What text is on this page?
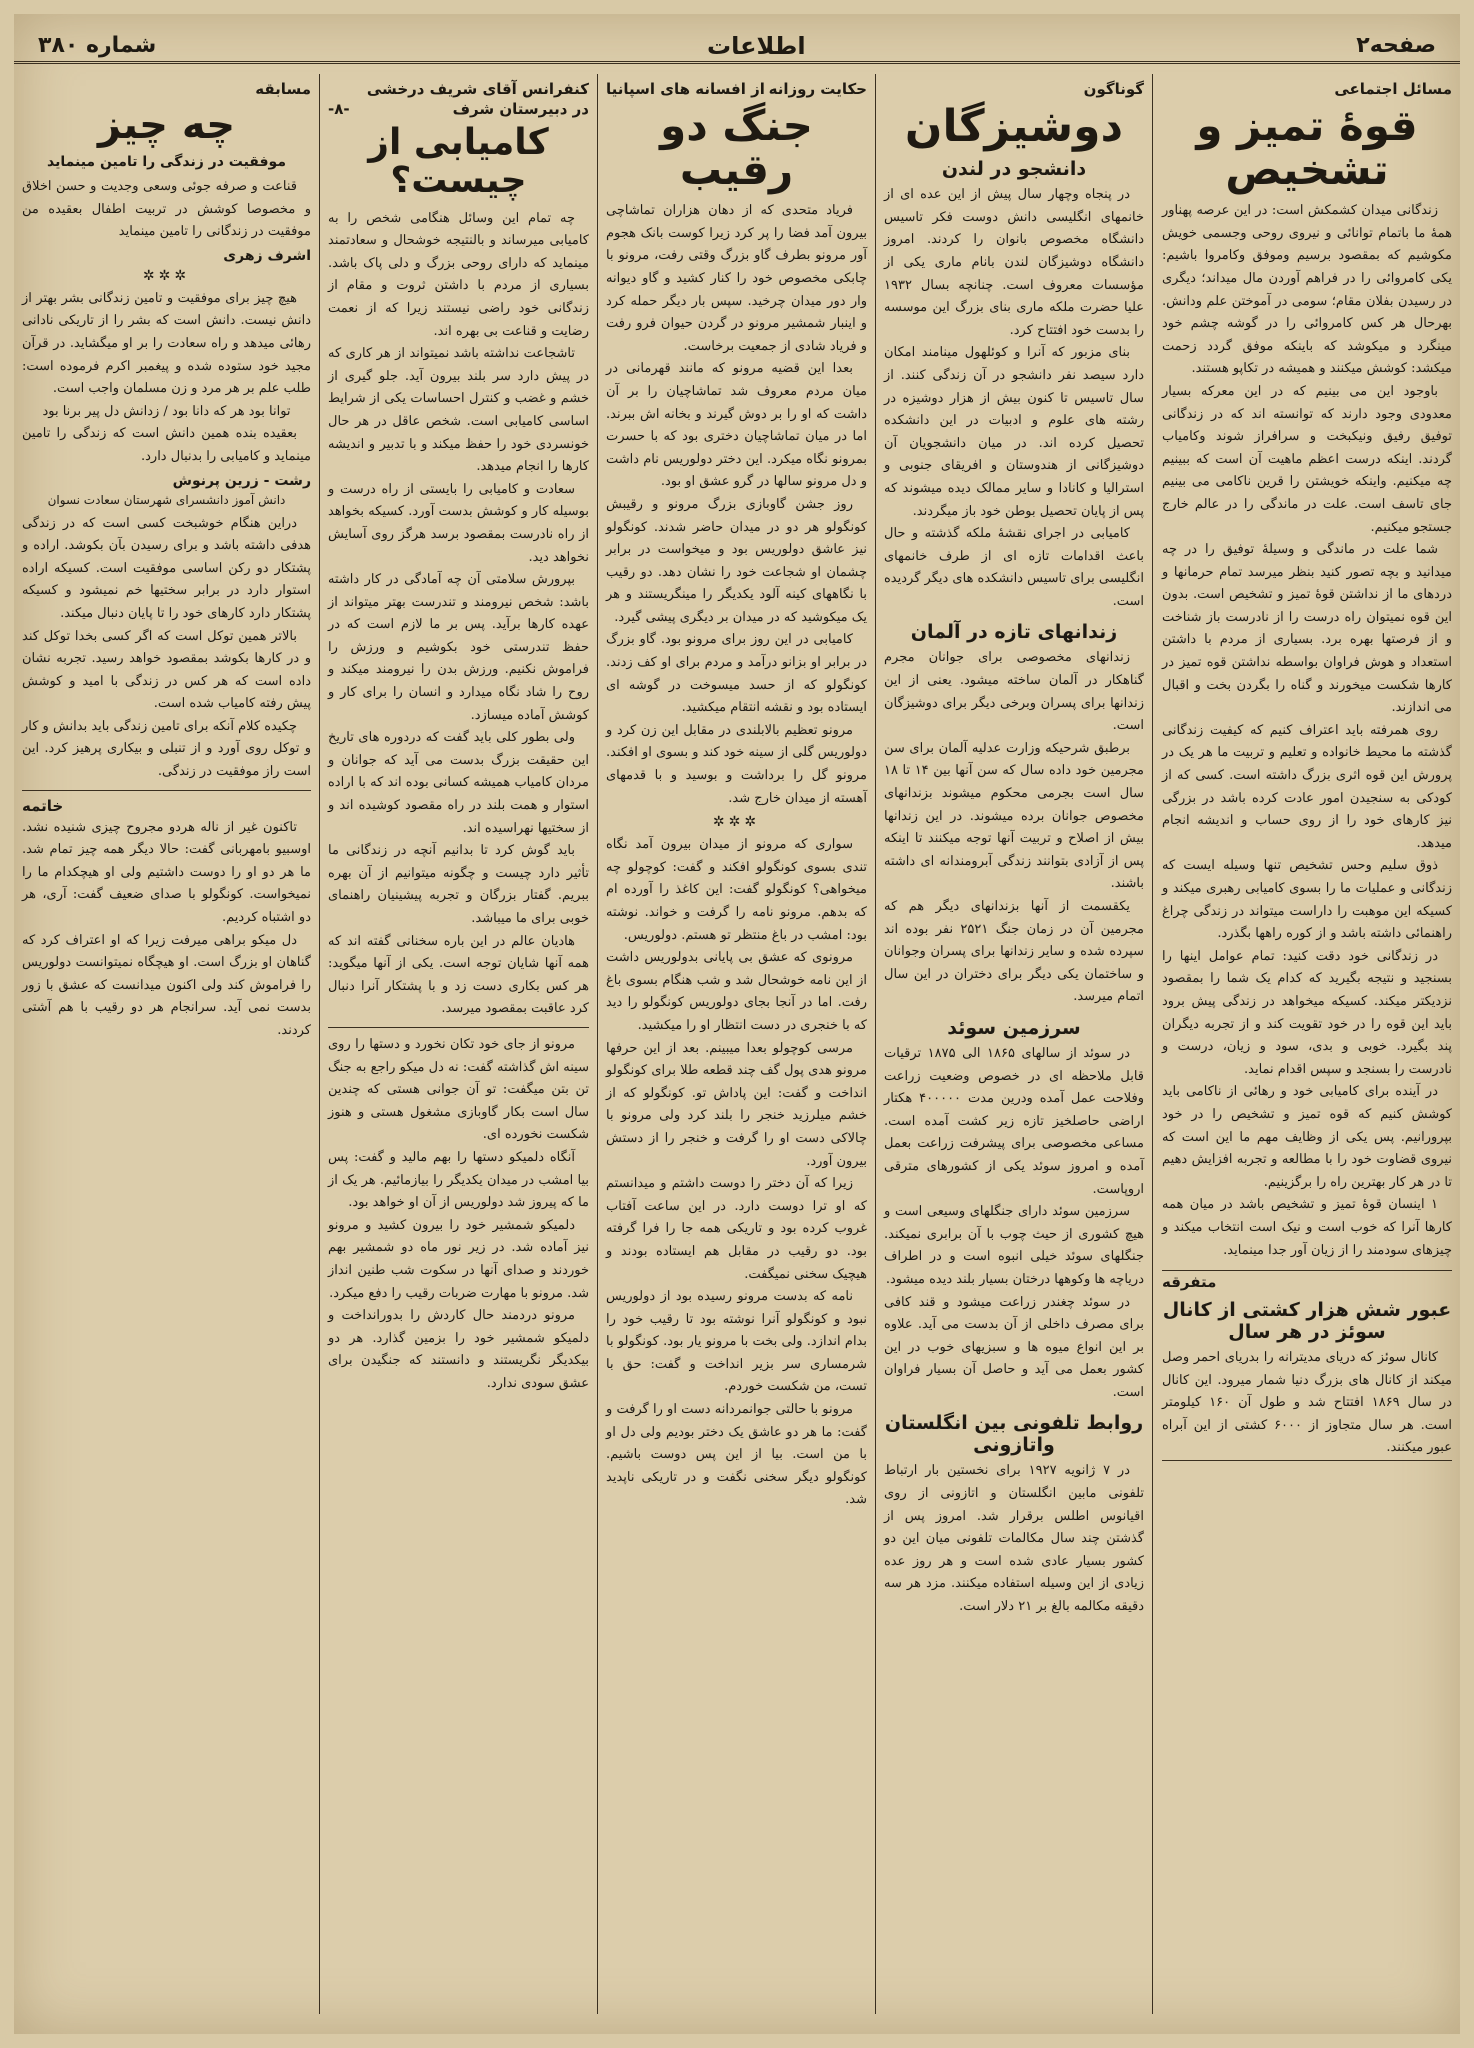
صفحه۲
اطلاعات
شماره ۳۸۰
مسائل اجتماعی
قوهٔ تمیز و تشخیص

زندگانی میدان کشمکش است: در این عرصه پهناور همهٔ ما باتمام توانائی و نیروی روحی وجسمی خویش مکوشیم که بمقصود برسیم وموفق وکامروا باشیم: یکی کامروائی را در فراهم آوردن مال میداند؛ دیگری در رسیدن بفلان مقام؛ سومی در آموختن علم ودانش. بهرحال هر کس کامروائی را در گوشه چشم خود مینگرد و میکوشد که باینکه موفق گردد زحمت میکشد: کوشش میکنند و همیشه در تکاپو هستند.

باوجود این می بینیم که در این معرکه بسیار معدودی وجود دارند که توانسته اند که در زندگانی توفیق رفیق ونیکبخت و سرافراز شوند وکامیاب گردند. اینکه درست اعظم ماهیت آن است که ببینیم چه میکنیم. واینکه خویشتن را قرین ناکامی می بینیم جای تاسف است. علت در ماندگی را در عالم خارج جستجو میکنیم.

شما علت در ماندگی و وسیلهٔ توفیق را در چه میدانید و بچه تصور کنید بنظر میرسد تمام حرمانها و دردهای ما از نداشتن قوهٔ تمیز و تشخیص است. بدون این قوه نمیتوان راه درست را از نادرست باز شناخت و از فرصتها بهره برد. بسیاری از مردم با داشتن استعداد و هوش فراوان بواسطه نداشتن قوه تمیز در کارها شکست میخورند و گناه را بگردن بخت و اقبال می اندازند.

روی همرفته باید اعتراف کنیم که کیفیت زندگانی گذشته ما محیط خانواده و تعلیم و تربیت ما هر یک در پرورش این قوه اثری بزرگ داشته است. کسی که از کودکی به سنجیدن امور عادت کرده باشد در بزرگی نیز کارهای خود را از روی حساب و اندیشه انجام میدهد.

ذوق سلیم وحس تشخیص تنها وسیله ایست که زندگانی و عملیات ما را بسوی کامیابی رهبری میکند و کسیکه این موهبت را داراست میتواند در زندگی چراغ راهنمائی داشته باشد و از کوره راهها بگذرد.

در زندگانی خود دقت کنید: تمام عوامل اینها را بسنجید و نتیجه بگیرید که کدام یک شما را بمقصود نزدیکتر میکند. کسیکه میخواهد در زندگی پیش برود باید این قوه را در خود تقویت کند و از تجربه دیگران پند بگیرد. خوبی و بدی، سود و زیان، درست و نادرست را بسنجد و سپس اقدام نماید.

در آینده برای کامیابی خود و رهائی از ناکامی باید کوشش کنیم که قوه تمیز و تشخیص را در خود بپرورانیم. پس یکی از وظایف مهم ما این است که نیروی قضاوت خود را با مطالعه و تجربه افزایش دهیم تا در هر کار بهترین راه را برگزینیم.

۱ اینسان قوهٔ تمیز و تشخیص باشد در میان همه کارها آنرا که خوب است و نیک است انتخاب میکند و چیزهای سودمند را از زیان آور جدا مینماید.

متفرقه
عبور شش هزار کشتی از کانال سوئز در هر سال

کانال سوئز که دریای مدیترانه را بدریای احمر وصل میکند از کانال های بزرگ دنیا شمار میرود. این کانال در سال ۱۸۶۹ افتتاح شد و طول آن ۱۶۰ کیلومتر است. هر سال متجاوز از ۶۰۰۰ کشتی از این آبراه عبور میکنند.

گوناگون
دوشیزگان
دانشجو در لندن

در پنجاه وچهار سال پیش از این عده ای از خانمهای انگلیسی دانش دوست فکر تاسیس دانشگاه مخصوص بانوان را کردند. امروز دانشگاه دوشیزگان لندن بانام ماری یکی از مؤسسات معروف است. چنانچه بسال ۱۹۳۲ علیا حضرت ملکه ماری بنای بزرگ این موسسه را بدست خود افتتاح کرد.

بنای مزبور که آنرا و کوئلهول مینامند امکان دارد سیصد نفر دانشجو در آن زندگی کنند. از سال تاسیس تا کنون بیش از هزار دوشیزه در رشته های علوم و ادبیات در این دانشکده تحصیل کرده اند. در میان دانشجویان آن دوشیزگانی از هندوستان و افریقای جنوبی و استرالیا و کانادا و سایر ممالک دیده میشوند که پس از پایان تحصیل بوطن خود باز میگردند.

کامیابی در اجرای نقشهٔ ملکه گذشته و حال باعث اقدامات تازه ای از طرف خانمهای انگلیسی برای تاسیس دانشکده های دیگر گردیده است.

زندانهای تازه در آلمان

زندانهای مخصوصی برای جوانان مجرم گناهکار در آلمان ساخته میشود. یعنی از این زندانها برای پسران وبرخی دیگر برای دوشیزگان است.

برطبق شرحیکه وزارت عدلیه آلمان برای سن مجرمین خود داده سال که سن آنها بین ۱۴ تا ۱۸ سال است بجرمی محکوم میشوند بزندانهای مخصوص جوانان برده میشوند. در این زندانها بیش از اصلاح و تربیت آنها توجه میکنند تا اینکه پس از آزادی بتوانند زندگی آبرومندانه ای داشته باشند.

یکقسمت از آنها بزندانهای دیگر هم که مجرمین آن در زمان جنگ ۲۵۲۱ نفر بوده اند سپرده شده و سایر زندانها برای پسران وجوانان و ساختمان یکی دیگر برای دختران در این سال اتمام میرسد.

سرزمین سوئد

در سوئد از سالهای ۱۸۶۵ الی ۱۸۷۵ ترقیات قابل ملاحظه ای در خصوص وضعیت زراعت وفلاحت عمل آمده ودرین مدت ۴۰۰۰۰۰ هکتار اراضی حاصلخیز تازه زیر کشت آمده است. مساعی مخصوصی برای پیشرفت زراعت بعمل آمده و امروز سوئد یکی از کشورهای مترقی اروپاست.

سرزمین سوئد دارای جنگلهای وسیعی است و هیچ کشوری از حیث چوب با آن برابری نمیکند. جنگلهای سوئد خیلی انبوه است و در اطراف دریاچه ها وکوهها درختان بسیار بلند دیده میشود.

در سوئد چغندر زراعت میشود و قند کافی برای مصرف داخلی از آن بدست می آید. علاوه بر این انواع میوه ها و سبزیهای خوب در این کشور بعمل می آید و حاصل آن بسیار فراوان است.

روابط تلفونی بین انگلستان واتازونی

در ۷ ژانویه ۱۹۲۷ برای نخستین بار ارتباط تلفونی مابین انگلستان و اتازونی از روی اقیانوس اطلس برقرار شد. امروز پس از گذشتن چند سال مکالمات تلفونی میان این دو کشور بسیار عادی شده است و هر روز عده زیادی از این وسیله استفاده میکنند. مزد هر سه دقیقه مکالمه بالغ بر ۲۱ دلار است.

حکایت روزانه
از افسانه های اسپانیا
جنگ دو رقیب

فریاد متحدی که از دهان هزاران تماشاچی بیرون آمد فضا را پر کرد زیرا کوست بانک هجوم آور مرونو بطرف گاو بزرگ وقتی رفت، مرونو با چابکی مخصوص خود را کنار کشید و گاو دیوانه وار دور میدان چرخید. سپس بار دیگر حمله کرد و اینبار شمشیر مرونو در گردن حیوان فرو رفت و فریاد شادی از جمعیت برخاست.

بعدا این قضیه مرونو که مانند قهرمانی در میان مردم معروف شد تماشاچیان را بر آن داشت که او را بر دوش گیرند و بخانه اش ببرند. اما در میان تماشاچیان دختری بود که با حسرت بمرونو نگاه میکرد. این دختر دولوریس نام داشت و دل مرونو سالها در گرو عشق او بود.

روز جشن گاوبازی بزرگ مرونو و رقیبش کونگولو هر دو در میدان حاضر شدند. کونگولو نیز عاشق دولوریس بود و میخواست در برابر چشمان او شجاعت خود را نشان دهد. دو رقیب با نگاههای کینه آلود یکدیگر را مینگریستند و هر یک میکوشید که در میدان بر دیگری پیشی گیرد.

کامیابی در این روز برای مرونو بود. گاو بزرگ در برابر او بزانو درآمد و مردم برای او کف زدند. کونگولو که از حسد میسوخت در گوشه ای ایستاده بود و نقشه انتقام میکشید.

مرونو تعظیم بالابلندی در مقابل این زن کرد و دولوریس گلی از سینه خود کند و بسوی او افکند. مرونو گل را برداشت و بوسید و با قدمهای آهسته از میدان خارج شد.

✲✲✲

سواری که مرونو از میدان بیرون آمد نگاه تندی بسوی کونگولو افکند و گفت: کوچولو چه میخواهی؟ کونگولو گفت: این کاغذ را آورده ام که بدهم. مرونو نامه را گرفت و خواند. نوشته بود: امشب در باغ منتظر تو هستم. دولوریس.

مرونوی که عشق بی پایانی بدولوریس داشت از این نامه خوشحال شد و شب هنگام بسوی باغ رفت. اما در آنجا بجای دولوریس کونگولو را دید که با خنجری در دست انتظار او را میکشید.

مرسی کوچولو بعدا میبینم. بعد از این حرفها مرونو هدی پول گف چند قطعه طلا برای کونگولو انداخت و گفت: این پاداش تو. کونگولو که از خشم میلرزید خنجر را بلند کرد ولی مرونو با چالاکی دست او را گرفت و خنجر را از دستش بیرون آورد.

زیرا که آن دختر را دوست داشتم و میدانستم که او ترا دوست دارد. در این ساعت آفتاب غروب کرده بود و تاریکی همه جا را فرا گرفته بود. دو رقیب در مقابل هم ایستاده بودند و هیچیک سخنی نمیگفت.

نامه که بدست مرونو رسیده بود از دولوریس نبود و کونگولو آنرا نوشته بود تا رقیب خود را بدام اندازد. ولی بخت با مرونو یار بود. کونگولو با شرمساری سر بزیر انداخت و گفت: حق با تست، من شکست خوردم.

مرونو با حالتی جوانمردانه دست او را گرفت و گفت: ما هر دو عاشق یک دختر بودیم ولی دل او با من است. بیا از این پس دوست باشیم. کونگولو دیگر سخنی نگفت و در تاریکی ناپدید شد.

کنفرانس آقای شریف درخشی
در دبیرستان شرف
-۸-
کامیابی از چیست؟

چه تمام این وسائل هنگامی شخص را به کامیابی میرساند و بالنتیجه خوشحال و سعادتمند مینماید که دارای روحی بزرگ و دلی پاک باشد. بسیاری از مردم با داشتن ثروت و مقام از زندگانی خود راضی نیستند زیرا که از نعمت رضایت و قناعت بی بهره اند.

تاشجاعت نداشته باشد نمیتواند از هر کاری که در پیش دارد سر بلند بیرون آید. جلو گیری از خشم و غضب و کنترل احساسات یکی از شرایط اساسی کامیابی است. شخص عاقل در هر حال خونسردی خود را حفظ میکند و با تدبیر و اندیشه کارها را انجام میدهد.

سعادت و کامیابی را بایستی از راه درست و بوسیله کار و کوشش بدست آورد. کسیکه بخواهد از راه نادرست بمقصود برسد هرگز روی آسایش نخواهد دید.

بپرورش سلامتی آن چه آمادگی در کار داشته باشد: شخص نیرومند و تندرست بهتر میتواند از عهده کارها برآید. پس بر ما لازم است که در حفظ تندرستی خود بکوشیم و ورزش را فراموش نکنیم. ورزش بدن را نیرومند میکند و روح را شاد نگاه میدارد و انسان را برای کار و کوشش آماده میسازد.

ولی بطور کلی باید گفت که دردوره های تاریخ این حقیقت بزرگ بدست می آید که جوانان و مردان کامیاب همیشه کسانی بوده اند که با اراده استوار و همت بلند در راه مقصود کوشیده اند و از سختیها نهراسیده اند.

باید گوش کرد تا بدانیم آنچه در زندگانی ما تأثیر دارد چیست و چگونه میتوانیم از آن بهره ببریم. گفتار بزرگان و تجربه پیشینیان راهنمای خوبی برای ما میباشد.

هادیان عالم در این باره سخنانی گفته اند که همه آنها شایان توجه است. یکی از آنها میگوید: هر کس بکاری دست زد و با پشتکار آنرا دنبال کرد عاقبت بمقصود میرسد.

مرونو از جای خود تکان نخورد و دستها را روی سینه اش گذاشته گفت: نه دل میکو راجع به جنگ تن بتن میگفت: تو آن جوانی هستی که چندین سال است بکار گاوبازی مشغول هستی و هنوز شکست نخورده ای.

آنگاه دلمیکو دستها را بهم مالید و گفت: پس بیا امشب در میدان یکدیگر را بیازمائیم. هر یک از ما که پیروز شد دولوریس از آن او خواهد بود.

دلمیکو شمشیر خود را بیرون کشید و مرونو نیز آماده شد. در زیر نور ماه دو شمشیر بهم خوردند و صدای آنها در سکوت شب طنین انداز شد. مرونو با مهارت ضربات رقیب را دفع میکرد.

مرونو دردمند حال کاردش را بدورانداخت و دلمیکو شمشیر خود را بزمین گذارد. هر دو بیکدیگر نگریستند و دانستند که جنگیدن برای عشق سودی ندارد.

مسابقه
چه چیز
موفقیت در زندگی را تامین مینماید

قناعت و صرفه جوئی وسعی وجدیت و حسن اخلاق و مخصوصا کوشش در تربیت اطفال بعقیده من موفقیت در زندگانی را تامین مینماید

اشرف زهری
✲✲✲

هیچ چیز برای موفقیت و تامین زندگانی بشر بهتر از دانش نیست. دانش است که بشر را از تاریکی نادانی رهائی میدهد و راه سعادت را بر او میگشاید. در قرآن مجید خود ستوده شده و پیغمبر اکرم فرموده است: طلب علم بر هر مرد و زن مسلمان واجب است.

توانا بود هر که دانا بود / زدانش دل پیر برنا بود

بعقیده بنده همین دانش است که زندگی را تامین مینماید و کامیابی را بدنبال دارد.

رشت - زرین پرنوش
دانش آموز دانشسرای شهرستان سعادت نسوان

دراین هنگام خوشبخت کسی است که در زندگی هدفی داشته باشد و برای رسیدن بآن بکوشد. اراده و پشتکار دو رکن اساسی موفقیت است. کسیکه اراده استوار دارد در برابر سختیها خم نمیشود و کسیکه پشتکار دارد کارهای خود را تا پایان دنبال میکند.

بالاتر همین توکل است که اگر کسی بخدا توکل کند و در کارها بکوشد بمقصود خواهد رسید. تجربه نشان داده است که هر کس در زندگی با امید و کوشش پیش رفته کامیاب شده است.

چکیده کلام آنکه برای تامین زندگی باید بدانش و کار و توکل روی آورد و از تنبلی و بیکاری پرهیز کرد. این است راز موفقیت در زندگی.

خاتمه

تاکنون غیر از ناله هردو مجروح چیزی شنیده نشد. اوسبیو بامهربانی گفت: حالا دیگر همه چیز تمام شد. ما هر دو او را دوست داشتیم ولی او هیچکدام ما را نمیخواست. کونگولو با صدای ضعیف گفت: آری، هر دو اشتباه کردیم.

دل میکو براهی میرفت زیرا که او اعتراف کرد که گناهان او بزرگ است. او هیچگاه نمیتوانست دولوریس را فراموش کند ولی اکنون میدانست که عشق با زور بدست نمی آید. سرانجام هر دو رقیب با هم آشتی کردند.
